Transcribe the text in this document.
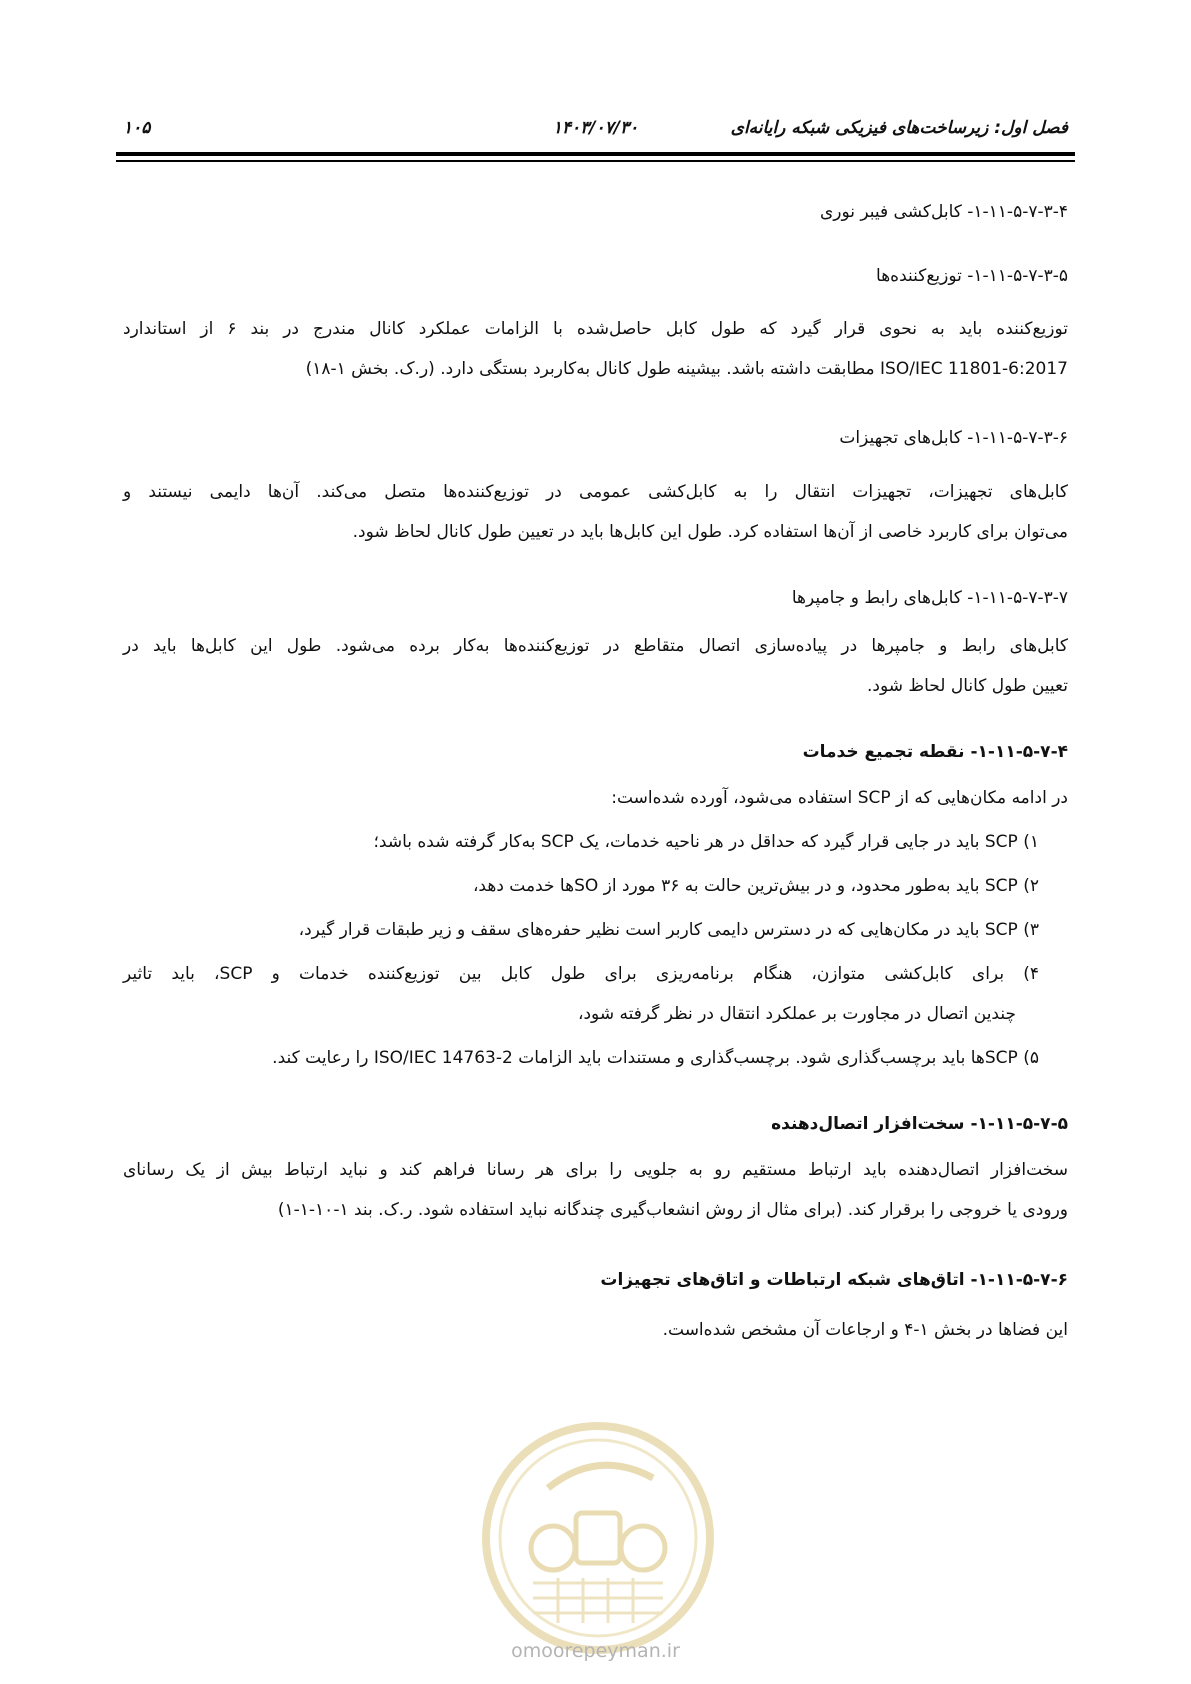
فصل اول: زیرساخت‌های فیزیکی شبکه رایانه‌ای
۱۴۰۳/۰۷/۳۰
۱۰۵
۱-۱۱-۵-۷-۳-۴- کابل‌کشی فیبر نوری
۱-۱۱-۵-۷-۳-۵- توزیع‌کننده‌ها
توزیع‌کننده باید به نحوی قرار گیرد که طول کابل حاصل‌شده با الزامات عملکرد کانال مندرج در بند ۶ از استاندارد
ISO/IEC 11801-6:2017 مطابقت داشته باشد. بیشینه طول کانال به‌کاربرد بستگی دارد. (ر.ک. بخش ۱-۱۸)
۱-۱۱-۵-۷-۳-۶- کابل‌های تجهیزات
کابل‌های تجهیزات، تجهیزات انتقال را به کابل‌کشی عمومی در توزیع‌کننده‌ها متصل می‌کند. آن‌ها دایمی نیستند و
می‌توان برای کاربرد خاصی از آن‌ها استفاده کرد. طول این کابل‌ها باید در تعیین طول کانال لحاظ شود.
۱-۱۱-۵-۷-۳-۷- کابل‌های رابط و جامپرها
کابل‌های رابط و جامپرها در پیاده‌سازی اتصال متقاطع در توزیع‌کننده‌ها به‌کار برده می‌شود. طول این کابل‌ها باید در
تعیین طول کانال لحاظ شود.
۱-۱۱-۵-۷-۴- نقطه تجمیع خدمات
در ادامه مکان‌هایی که از SCP استفاده می‌شود، آورده شده‌است:
۱) SCP باید در جایی قرار گیرد که حداقل در هر ناحیه خدمات، یک SCP به‌کار گرفته شده باشد؛
۲) SCP باید به‌طور محدود، و در بیش‌ترین حالت به ۳۶ مورد از SOها خدمت دهد،
۳) SCP باید در مکان‌هایی که در دسترس دایمی کاربر است نظیر حفره‌های سقف و زیر طبقات قرار گیرد،
۴) برای کابل‌کشی متوازن، هنگام برنامه‌ریزی برای طول کابل بین توزیع‌کننده خدمات و SCP، باید تاثیر
چندین اتصال در مجاورت بر عملکرد انتقال در نظر گرفته شود،
۵) SCPها باید برچسب‌گذاری شود. برچسب‌گذاری و مستندات باید الزامات ISO/IEC 14763-2 را رعایت کند.
۱-۱۱-۵-۷-۵- سخت‌افزار اتصال‌دهنده
سخت‌افزار اتصال‌دهنده باید ارتباط مستقیم رو به جلویی را برای هر رسانا فراهم کند و نباید ارتباط بیش از یک رسانای
ورودی یا خروجی را برقرار کند. (برای مثال از روش انشعاب‌گیری چندگانه نباید استفاده شود. ر.ک. بند ۱-۱۰-۱-۱)
۱-۱۱-۵-۷-۶- اتاق‌های شبکه ارتباطات و اتاق‌های تجهیزات
این فضاها در بخش ۱-۴ و ارجاعات آن مشخص شده‌است.
omoorepeyman.ir
